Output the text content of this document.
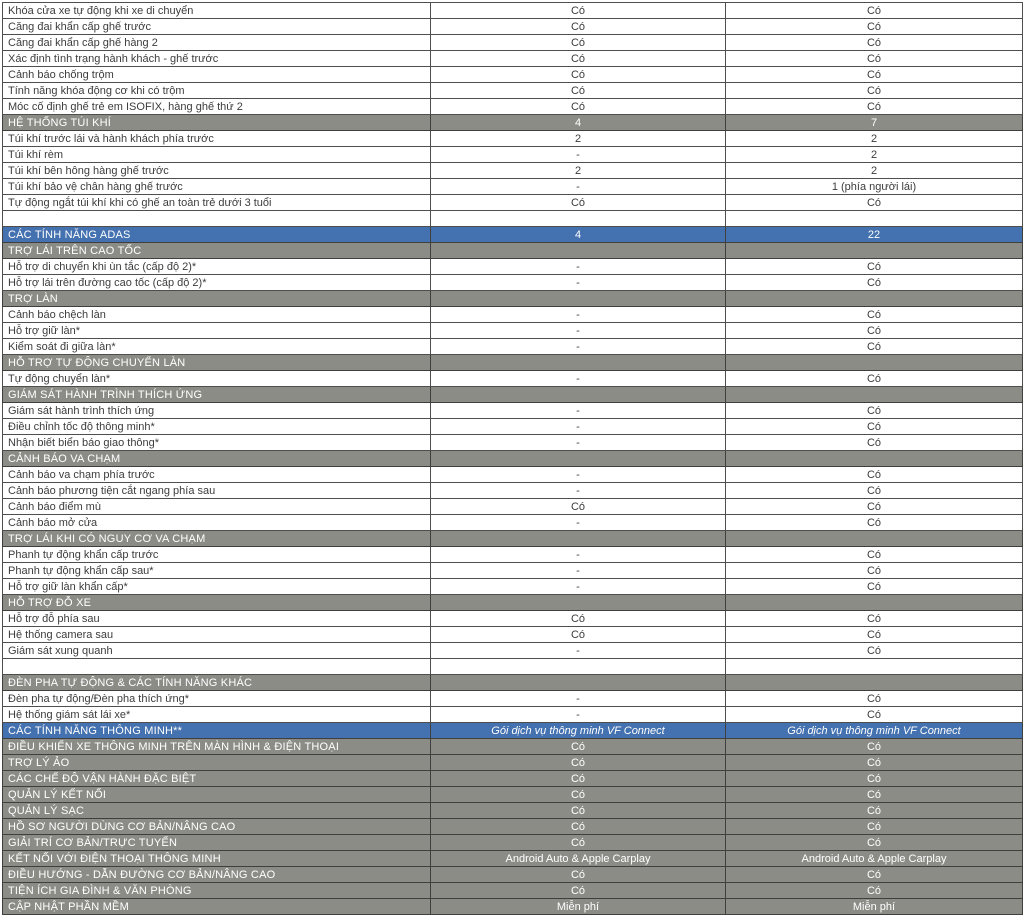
Khóa cửa xe tự động khi xe di chuyển	Có	Có
Căng đai khẩn cấp ghế trước	Có	Có
Căng đai khẩn cấp ghế hàng 2	Có	Có
Xác định tình trạng hành khách - ghế trước	Có	Có
Cảnh báo chống trộm	Có	Có
Tính năng khóa động cơ khi có trộm	Có	Có
Móc cố định ghế trẻ em ISOFIX, hàng ghế thứ 2	Có	Có
HỆ THỐNG TÚI KHÍ	4	7
Túi khí trước lái và hành khách phía trước	2	2
Túi khí rèm	-	2
Túi khí bên hông hàng ghế trước	2	2
Túi khí bảo vệ chân hàng ghế trước	-	1 (phía người lái)
Tự động ngắt túi khí khi có ghế an toàn trẻ dưới 3 tuổi	Có	Có

CÁC TÍNH NĂNG ADAS	4	22
TRỢ LÁI TRÊN CAO TỐC		
Hỗ trợ di chuyển khi ùn tắc (cấp độ 2)*	-	Có
Hỗ trợ lái trên đường cao tốc (cấp độ 2)*	-	Có
TRỢ LÀN		
Cảnh báo chệch làn	-	Có
Hỗ trợ giữ làn*	-	Có
Kiểm soát đi giữa làn*	-	Có
HỖ TRỢ TỰ ĐỘNG CHUYỂN LÀN		
Tự động chuyển làn*	-	Có
GIÁM SÁT HÀNH TRÌNH THÍCH ỨNG		
Giám sát hành trình thích ứng	-	Có
Điều chỉnh tốc độ thông minh*	-	Có
Nhận biết biển báo giao thông*	-	Có
CẢNH BÁO VA CHẠM		
Cảnh báo va chạm phía trước	-	Có
Cảnh báo phương tiện cắt ngang phía sau	-	Có
Cảnh báo điểm mù	Có	Có
Cảnh báo mở cửa	-	Có
TRỢ LÁI KHI CÓ NGUY CƠ VA CHẠM		
Phanh tự động khẩn cấp trước	-	Có
Phanh tự động khẩn cấp sau*	-	Có
Hỗ trợ giữ làn khẩn cấp*	-	Có
HỖ TRỢ ĐỖ XE		
Hỗ trợ đỗ phía sau	Có	Có
Hệ thống camera sau	Có	Có
Giám sát xung quanh	-	Có

ĐÈN PHA TỰ ĐỘNG & CÁC TÍNH NĂNG KHÁC		
Đèn pha tự động/Đèn pha thích ứng*	-	Có
Hệ thống giám sát lái xe*	-	Có
CÁC TÍNH NĂNG THÔNG MINH**	Gói dịch vụ thông minh VF Connect	Gói dịch vụ thông minh VF Connect
ĐIỀU KHIỂN XE THÔNG MINH TRÊN MÀN HÌNH & ĐIỆN THOẠI	Có	Có
TRỢ LÝ ẢO	Có	Có
CÁC CHẾ ĐỘ VẬN HÀNH ĐẶC BIỆT	Có	Có
QUẢN LÝ KẾT NỐI	Có	Có
QUẢN LÝ SẠC	Có	Có
HỒ SƠ NGƯỜI DÙNG CƠ BẢN/NÂNG CAO	Có	Có
GIẢI TRÍ CƠ BẢN/TRỰC TUYẾN	Có	Có
KẾT NỐI VỚI ĐIỆN THOẠI THÔNG MINH	Android Auto & Apple Carplay	Android Auto & Apple Carplay
ĐIỀU HƯỚNG - DẪN ĐƯỜNG CƠ BẢN/NÂNG CAO	Có	Có
TIỆN ÍCH GIA ĐÌNH & VĂN PHÒNG	Có	Có
CẬP NHẬT PHẦN MỀM	Miễn phí	Miễn phí
